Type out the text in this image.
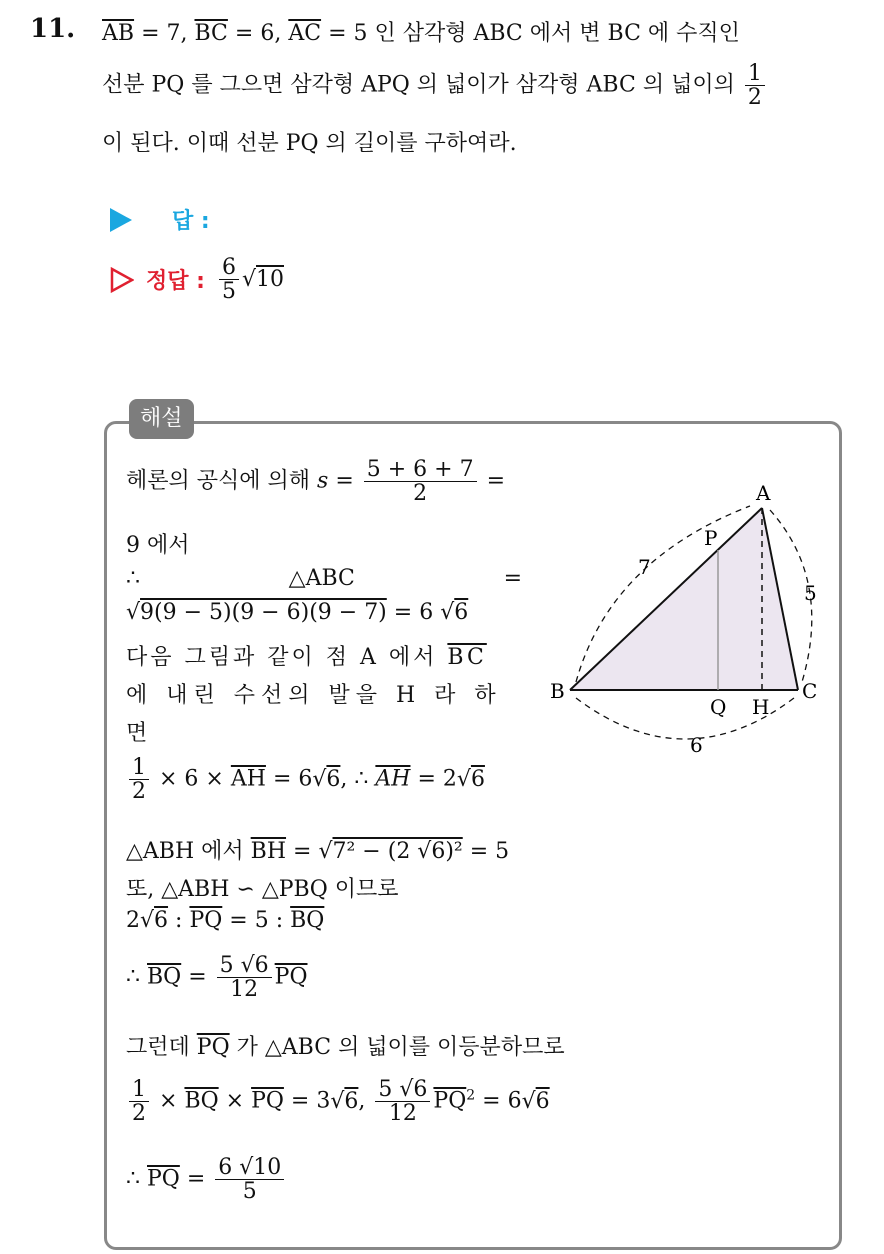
11. $\overline{AB} = 7$, $\overline{BC} = 6$, $\overline{AC} = 5$ 인 삼각형 ABC 에서 변 BC 에 수직인
선분 PQ 를 그으면 삼각형 APQ 의 넓이가 삼각형 ABC 의 넓이의 $\frac{1}{2}$
이 된다. 이때 선분 PQ 의 길이를 구하여라.
답 :
정답 : $\frac{6}{5} √10$
해설
헤론의 공식에 의해 $s = \frac{5 + 6 + 7}{2}$ =
9 에서
∴	△ABC	=
√9(9 − 5)(9 − 6)(9 − 7) = 6 √6
다음 그림과 같이 점 A 에서 $\overline{BC}$
에 내린 수선의 발을 H 라 하
면
$\frac{1}{2} \times 6 \times \overline{AH} = 6√6$, ∴ $\overline{AH} = 2√6$
△ABH 에서 $\overline{BH} = √7^2 - (2$ √6)² = 5
또, △ABH ∽ △PBQ 이므로
2√6 : $\overline{PQ} = 5$ : $\overline{BQ}$
∴ $\overline{BQ} = \frac{5 √6}{12} \overline{PQ}$
그런데 $\overline{PQ}$ 가 △ABC 의 넓이를 이등분하므로
$\frac{1}{2} \times \overline{BQ} \times \overline{PQ} = 3√6$, $\frac{5 √6}{12} \overline{PQ}^2 = 6√6$
∴ $\overline{PQ} = \frac{6 √10}{5}$
A
B	C
P
Q H
7
5
6
